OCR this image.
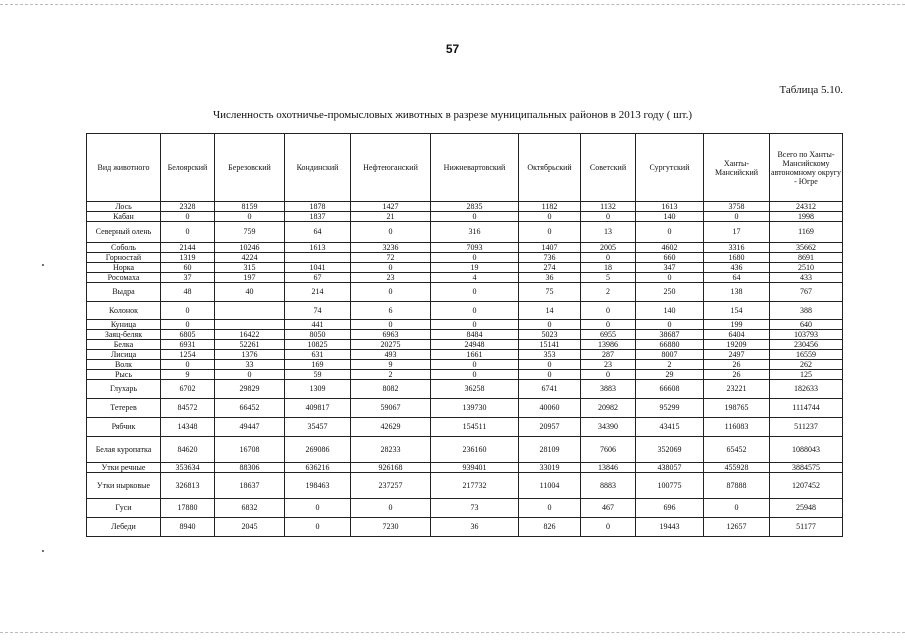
57
Таблица 5.10.
Численность охотничье-промысловых животных в разрезе муниципальных районов в 2013 году ( шт.)
Вид животного	Белоярский	Березовский	Кондинский	Нефтеюганский	Нижневартовский	Октябрьский	Советский	Сургутский	Ханты-Мансийский	Всего по Ханты-Мансийскому автономному округу - Югре
Лось	2328	8159	1878	1427	2835	1182	1132	1613	3758	24312
Кабан	0	0	1837	21	0	0	0	140	0	1998
Северный олень	0	759	64	0	316	0	13	0	17	1169
Соболь	2144	10246	1613	3236	7093	1407	2005	4602	3316	35662
Горностай	1319	4224		72	0	736	0	660	1680	8691
Норка	60	315	1041	0	19	274	18	347	436	2510
Росомаха	37	197	67	23	4	36	5	0	64	433
Выдра	48	40	214	0	0	75	2	250	138	767
Колонок	0		74	6	0	14	0	140	154	388
Куница	0		441	0	0	0	0	0	199	640
Заяц-беляк	6805	16422	8050	6963	8484	5023	6955	38687	6404	103793
Белка	6931	52261	10825	20275	24948	15141	13986	66880	19209	230456
Лисица	1254	1376	631	493	1661	353	287	8007	2497	16559
Волк	0	33	169	9	0	0	23	2	26	262
Рысь	9	0	59	2	0	0	0	29	26	125
Глухарь	6702	29829	1309	8082	36258	6741	3883	66608	23221	182633
Тетерев	84572	66452	409817	59067	139730	40060	20982	95299	198765	1114744
Рябчик	14348	49447	35457	42629	154511	20957	34390	43415	116083	511237
Белая куропатка	84620	16708	269086	28233	236160	28109	7606	352069	65452	1088043
Утки речные	353634	88306	636216	926168	939401	33019	13846	438057	455928	3884575
Утки нырковые	326813	18637	198463	237257	217732	11004	8883	100775	87888	1207452
Гуси	17880	6832	0	0	73	0	467	696	0	25948
Лебеди	8940	2045	0	7230	36	826	0	19443	12657	51177
